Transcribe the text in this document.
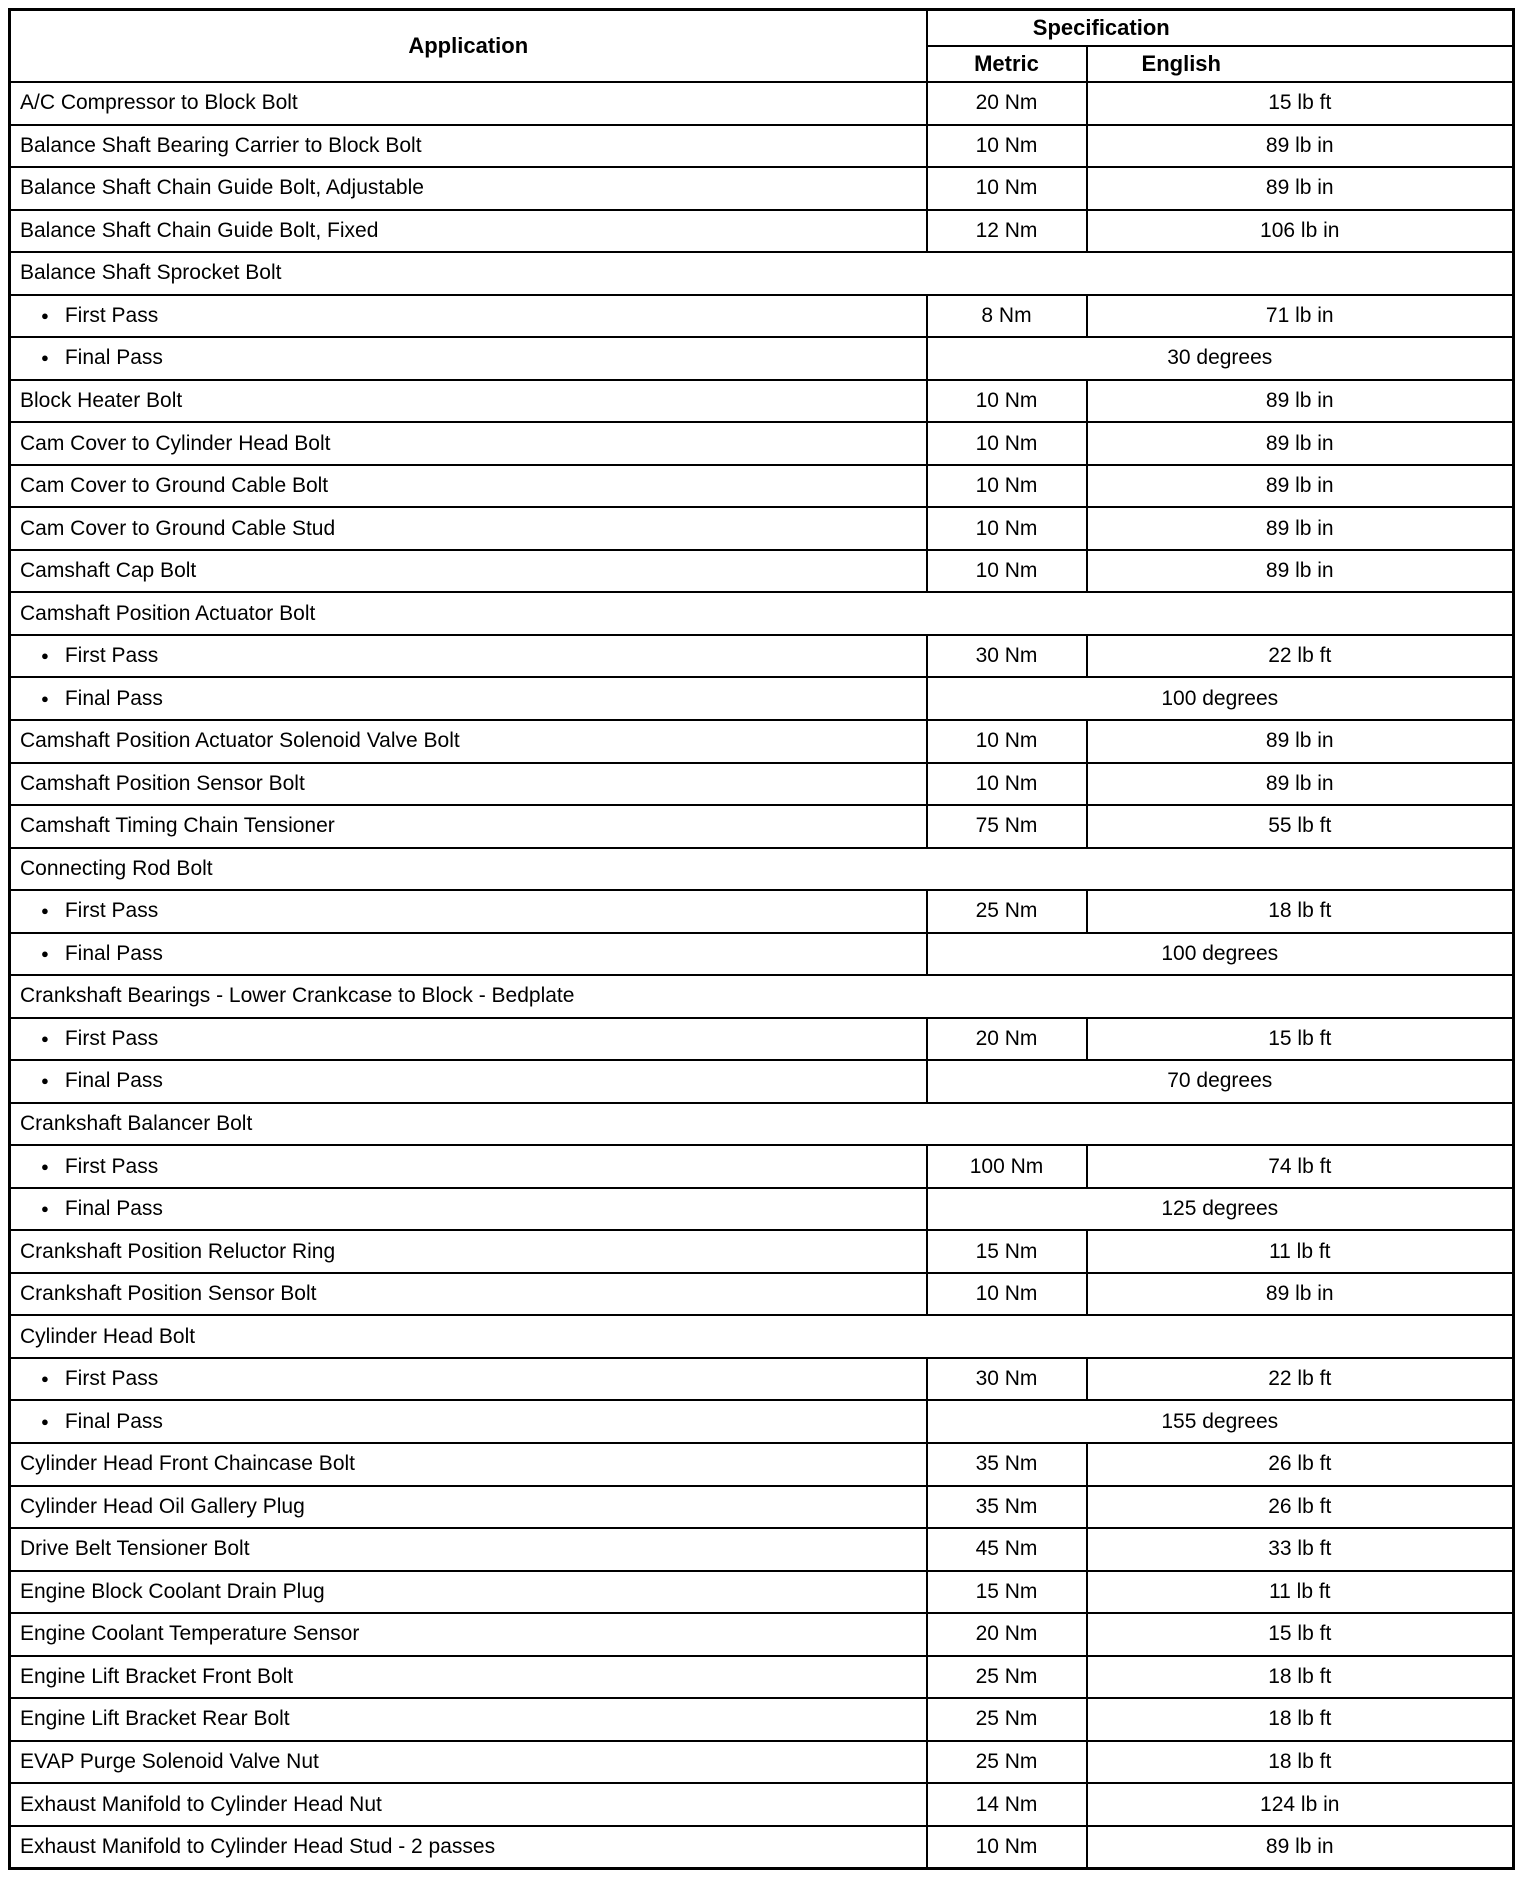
Application	Specification	
	Metric	English
A/C Compressor to Block Bolt	20 Nm	15 lb ft
Balance Shaft Bearing Carrier to Block Bolt	10 Nm	89 lb in
Balance Shaft Chain Guide Bolt, Adjustable	10 Nm	89 lb in
Balance Shaft Chain Guide Bolt, Fixed	12 Nm	106 lb in
Balance Shaft Sprocket Bolt		
● First Pass	8 Nm	71 lb in
● Final Pass	30 degrees	
Block Heater Bolt	10 Nm	89 lb in
Cam Cover to Cylinder Head Bolt	10 Nm	89 lb in
Cam Cover to Ground Cable Bolt	10 Nm	89 lb in
Cam Cover to Ground Cable Stud	10 Nm	89 lb in
Camshaft Cap Bolt	10 Nm	89 lb in
Camshaft Position Actuator Bolt		
● First Pass	30 Nm	22 lb ft
● Final Pass	100 degrees	
Camshaft Position Actuator Solenoid Valve Bolt	10 Nm	89 lb in
Camshaft Position Sensor Bolt	10 Nm	89 lb in
Camshaft Timing Chain Tensioner	75 Nm	55 lb ft
Connecting Rod Bolt		
● First Pass	25 Nm	18 lb ft
● Final Pass	100 degrees	
Crankshaft Bearings - Lower Crankcase to Block - Bedplate		
● First Pass	20 Nm	15 lb ft
● Final Pass	70 degrees	
Crankshaft Balancer Bolt		
● First Pass	100 Nm	74 lb ft
● Final Pass	125 degrees	
Crankshaft Position Reluctor Ring	15 Nm	11 lb ft
Crankshaft Position Sensor Bolt	10 Nm	89 lb in
Cylinder Head Bolt		
● First Pass	30 Nm	22 lb ft
● Final Pass	155 degrees	
Cylinder Head Front Chaincase Bolt	35 Nm	26 lb ft
Cylinder Head Oil Gallery Plug	35 Nm	26 lb ft
Drive Belt Tensioner Bolt	45 Nm	33 lb ft
Engine Block Coolant Drain Plug	15 Nm	11 lb ft
Engine Coolant Temperature Sensor	20 Nm	15 lb ft
Engine Lift Bracket Front Bolt	25 Nm	18 lb ft
Engine Lift Bracket Rear Bolt	25 Nm	18 lb ft
EVAP Purge Solenoid Valve Nut	25 Nm	18 lb ft
Exhaust Manifold to Cylinder Head Nut	14 Nm	124 lb in
Exhaust Manifold to Cylinder Head Stud - 2 passes	10 Nm	89 lb in
